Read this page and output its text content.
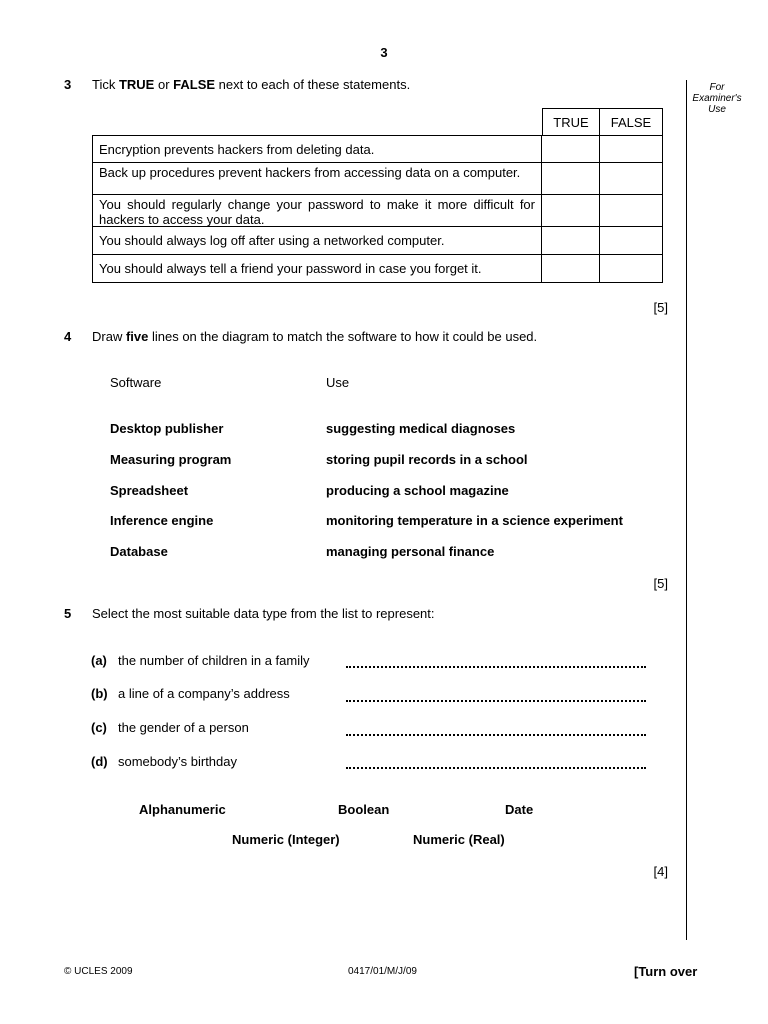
3
For Examiner's Use
3 Tick TRUE or FALSE next to each of these statements.
TRUE	FALSE
Encryption prevents hackers from deleting data.
Back up procedures prevent hackers from accessing data on a computer.
You should regularly change your password to make it more difficult for hackers to access your data.
You should always log off after using a networked computer.
You should always tell a friend your password in case you forget it.
[5]
4 Draw five lines on the diagram to match the software to how it could be used.
Software	Use
Desktop publisher
Measuring program
Spreadsheet
Inference engine
Database
suggesting medical diagnoses
storing pupil records in a school
producing a school magazine
monitoring temperature in a science experiment
managing personal finance
[5]
5 Select the most suitable data type from the list to represent:
(a) the number of children in a family
(b) a line of a company’s address
(c) the gender of a person
(d) somebody’s birthday
Alphanumeric	Boolean	Date
Numeric (Integer)	Numeric (Real)
[4]
© UCLES 2009	0417/01/M/J/09	[Turn over
